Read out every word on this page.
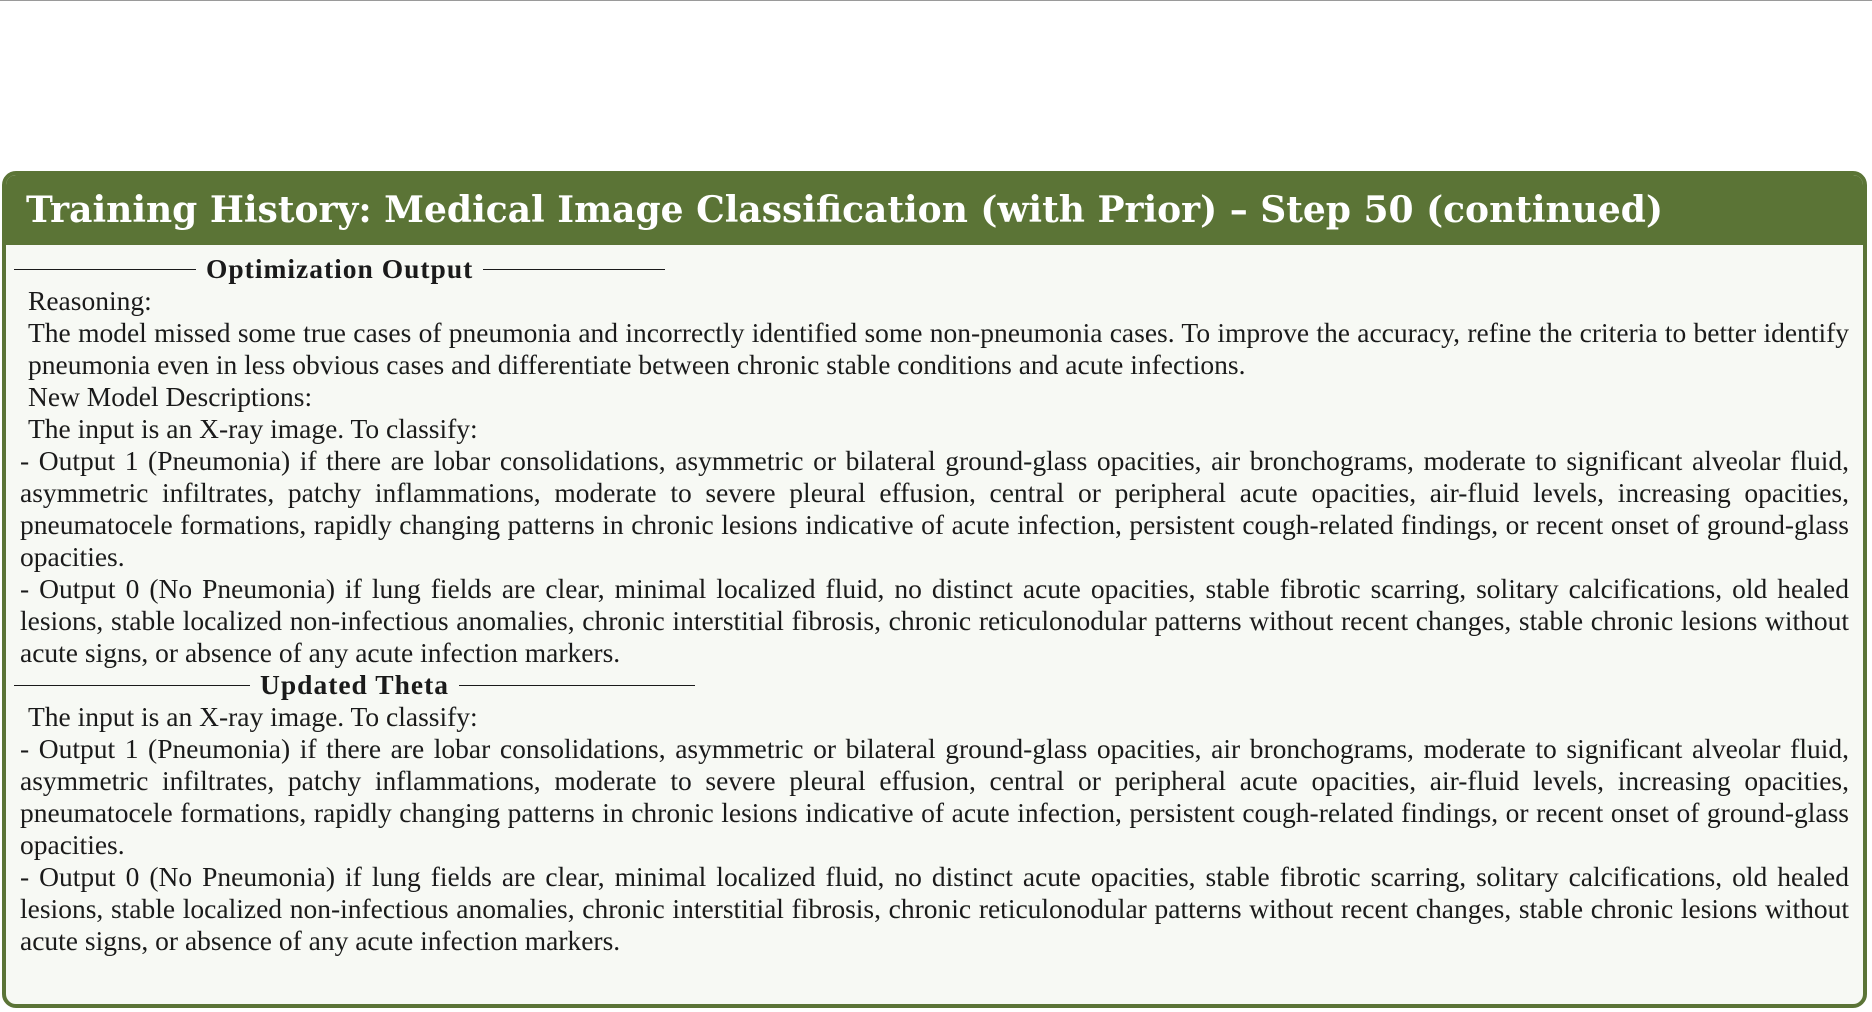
Training History: Medical Image Classification (with Prior) – Step 50 (continued)
Optimization Output
Reasoning:
The model missed some true cases of pneumonia and incorrectly identified some non-pneumonia cases. To improve the accuracy, refine the criteria to better identify pneumonia even in less obvious cases and differentiate between chronic stable conditions and acute infections.
New Model Descriptions:
The input is an X-ray image. To classify:
- Output 1 (Pneumonia) if there are lobar consolidations, asymmetric or bilateral ground-glass opacities, air bronchograms, moderate to significant alveolar fluid, asymmetric infiltrates, patchy inflammations, moderate to severe pleural effusion, central or peripheral acute opacities, air-fluid levels, increasing opacities, pneumatocele formations, rapidly changing patterns in chronic lesions indicative of acute infection, persistent cough-related findings, or recent onset of ground-glass opacities.
- Output 0 (No Pneumonia) if lung fields are clear, minimal localized fluid, no distinct acute opacities, stable fibrotic scarring, solitary calcifications, old healed lesions, stable localized non-infectious anomalies, chronic interstitial fibrosis, chronic reticulonodular patterns without recent changes, stable chronic lesions without acute signs, or absence of any acute infection markers.
Updated Theta
The input is an X-ray image. To classify:
- Output 1 (Pneumonia) if there are lobar consolidations, asymmetric or bilateral ground-glass opacities, air bronchograms, moderate to significant alveolar fluid, asymmetric infiltrates, patchy inflammations, moderate to severe pleural effusion, central or peripheral acute opacities, air-fluid levels, increasing opacities, pneumatocele formations, rapidly changing patterns in chronic lesions indicative of acute infection, persistent cough-related findings, or recent onset of ground-glass opacities.
- Output 0 (No Pneumonia) if lung fields are clear, minimal localized fluid, no distinct acute opacities, stable fibrotic scarring, solitary calcifications, old healed lesions, stable localized non-infectious anomalies, chronic interstitial fibrosis, chronic reticulonodular patterns without recent changes, stable chronic lesions without acute signs, or absence of any acute infection markers.
